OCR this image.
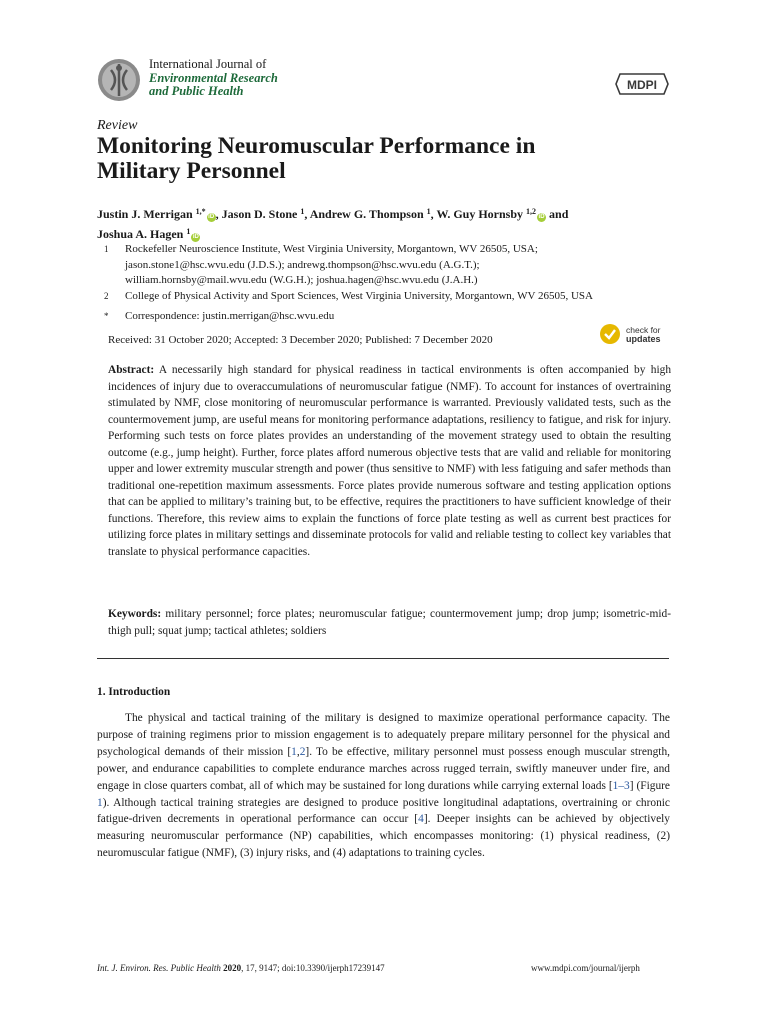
International Journal of
Environmental Research
and Public Health	MDPI
Review
Monitoring Neuromuscular Performance in
Military Personnel
Justin J. Merrigan $^{1,*}$iD , Jason D. Stone $^1$, Andrew G. Thompson $^1$, W. Guy Hornsby $^{1,2}$iD and
Joshua A. Hagen $^1$iD
$^1$	Rockefeller Neuroscience Institute, West Virginia University, Morgantown, WV 26505, USA;
jason.stone1@hsc.wvu.edu (J.D.S.); andrewg.thompson@hsc.wvu.edu (A.G.T.);
william.hornsby@mail.wvu.edu (W.G.H.); joshua.hagen@hsc.wvu.edu (J.A.H.)
$^2$	College of Physical Activity and Sport Sciences, West Virginia University, Morgantown, WV 26505, USA
*	Correspondence: justin.merrigan@hsc.wvu.edu
Received: 31 October 2020; Accepted: 3 December 2020; Published: 7 December 2020
check for
updates
Abstract: A necessarily high standard for physical readiness in tactical environments is often accompanied by high incidences of injury due to overaccumulations of neuromuscular fatigue (NMF). To account for instances of overtraining stimulated by NMF, close monitoring of neuromuscular performance is warranted. Previously validated tests, such as the countermovement jump, are useful means for monitoring performance adaptations, resiliency to fatigue, and risk for injury. Performing such tests on force plates provides an understanding of the movement strategy used to obtain the resulting outcome (e.g., jump height). Further, force plates afford numerous objective tests that are valid and reliable for monitoring upper and lower extremity muscular strength and power (thus sensitive to NMF) with less fatiguing and safer methods than traditional one-repetition maximum assessments. Force plates provide numerous software and testing application options that can be applied to military’s training but, to be effective, requires the practitioners to have sufficient knowledge of their functions. Therefore, this review aims to explain the functions of force plate testing as well as current best practices for utilizing force plates in military settings and disseminate protocols for valid and reliable testing to collect key variables that translate to physical performance capacities.
Keywords: military personnel; force plates; neuromuscular fatigue; countermovement jump; drop jump; isometric-mid-thigh pull; squat jump; tactical athletes; soldiers
1. Introduction
The physical and tactical training of the military is designed to maximize operational performance capacity. The purpose of training regimens prior to mission engagement is to adequately prepare military personnel for the physical and psychological demands of their mission [1,2]. To be effective, military personnel must possess enough muscular strength, power, and endurance capabilities to complete endurance marches across rugged terrain, swiftly maneuver under fire, and engage in close quarters combat, all of which may be sustained for long durations while carrying external loads [1–3] (Figure 1). Although tactical training strategies are designed to produce positive longitudinal adaptations, overtraining or chronic fatigue-driven decrements in operational performance can occur [4]. Deeper insights can be achieved by objectively measuring neuromuscular performance (NP) capabilities, which encompasses monitoring: (1) physical readiness, (2) neuromuscular fatigue (NMF), (3) injury risks, and (4) adaptations to training cycles.
Int. J. Environ. Res. Public Health 2020, 17, 9147; doi:10.3390/ijerph17239147	www.mdpi.com/journal/ijerph
